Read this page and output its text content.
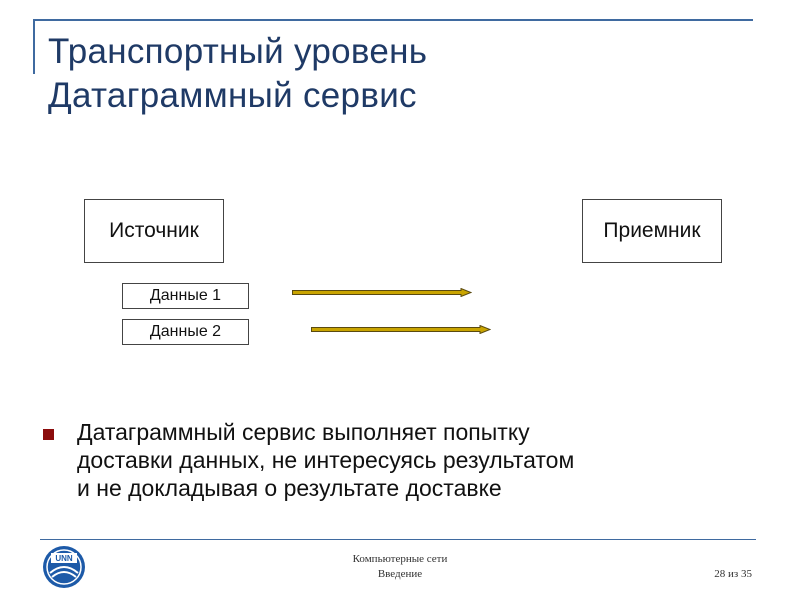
Транспортный уровень
Датаграммный сервис
Источник	Приемник
Данные 1
Данные 2
Датаграммный сервис выполняет попытку
доставки данных, не интересуясь результатом
и не докладывая о результате доставке
UNN	Компьютерные сети
Введение	28 из 35
